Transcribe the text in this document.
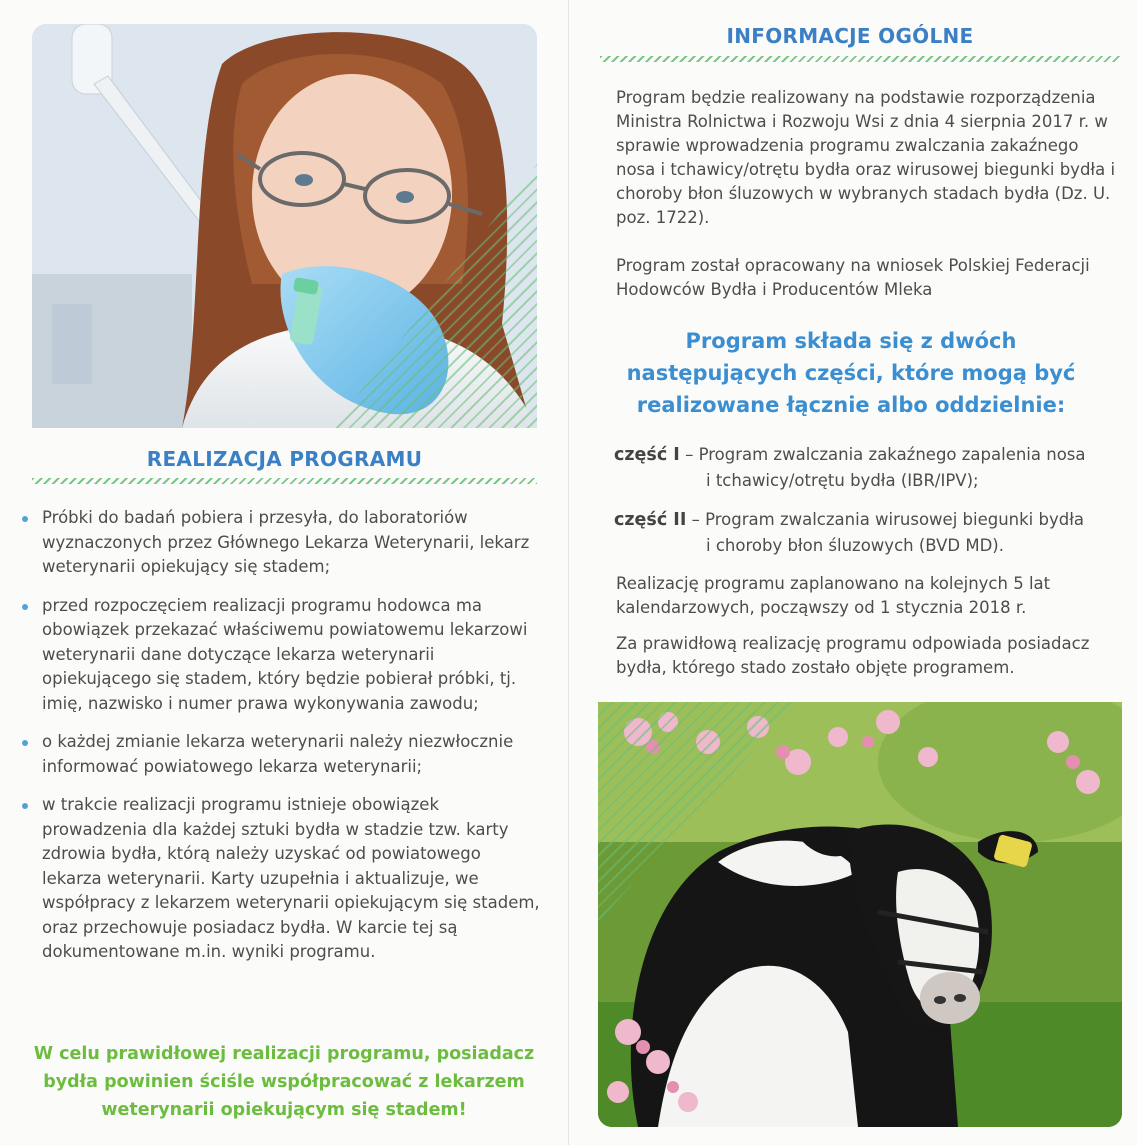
REALIZACJA PROGRAMU
Próbki do badań pobiera i przesyła, do laboratoriów wyznaczonych przez Głównego Lekarza Weterynarii, lekarz weterynarii opiekujący się stadem;
przed rozpoczęciem realizacji programu hodowca ma obowiązek przekazać właściwemu powiatowemu lekarzowi weterynarii dane dotyczące lekarza weterynarii opiekującego się stadem, który będzie pobierał próbki, tj. imię, nazwisko i numer prawa wykonywania zawodu;
o każdej zmianie lekarza weterynarii należy niezwłocznie informować powiatowego lekarza weterynarii;
w trakcie realizacji programu istnieje obowiązek prowadzenia dla każdej sztuki bydła w stadzie tzw. karty zdrowia bydła, którą należy uzyskać od powiatowego lekarza weterynarii. Karty uzupełnia i aktualizuje, we współpracy z lekarzem weterynarii opiekującym się stadem, oraz przechowuje posiadacz bydła. W karcie tej są dokumentowane m.in. wyniki programu.
W celu prawidłowej realizacji programu, posiadacz bydła powinien ściśle współpracować z lekarzem weterynarii opiekującym się stadem!
INFORMACJE OGÓLNE

Program będzie realizowany na podstawie rozporządzenia Ministra Rolnictwa i Rozwoju Wsi z dnia 4 sierpnia 2017 r. w sprawie wprowadzenia programu zwalczania zakaźnego nosa i tchawicy/otrętu bydła oraz wirusowej biegunki bydła i choroby błon śluzowych w wybranych stadach bydła (Dz. U. poz. 1722).

Program został opracowany na wniosek Polskiej Federacji Hodowców Bydła i Producentów Mleka

Program składa się z dwóch następujących części, które mogą być realizowane łącznie albo oddzielnie:
część I – Program zwalczania zakaźnego zapalenia nosa
i tchawicy/otrętu bydła (IBR/IPV);
część II – Program zwalczania wirusowej biegunki bydła
i choroby błon śluzowych (BVD MD).

Realizację programu zaplanowano na kolejnych 5 lat kalendarzowych, począwszy od 1 stycznia 2018 r.

Za prawidłową realizację programu odpowiada posiadacz bydła, którego stado zostało objęte programem.
